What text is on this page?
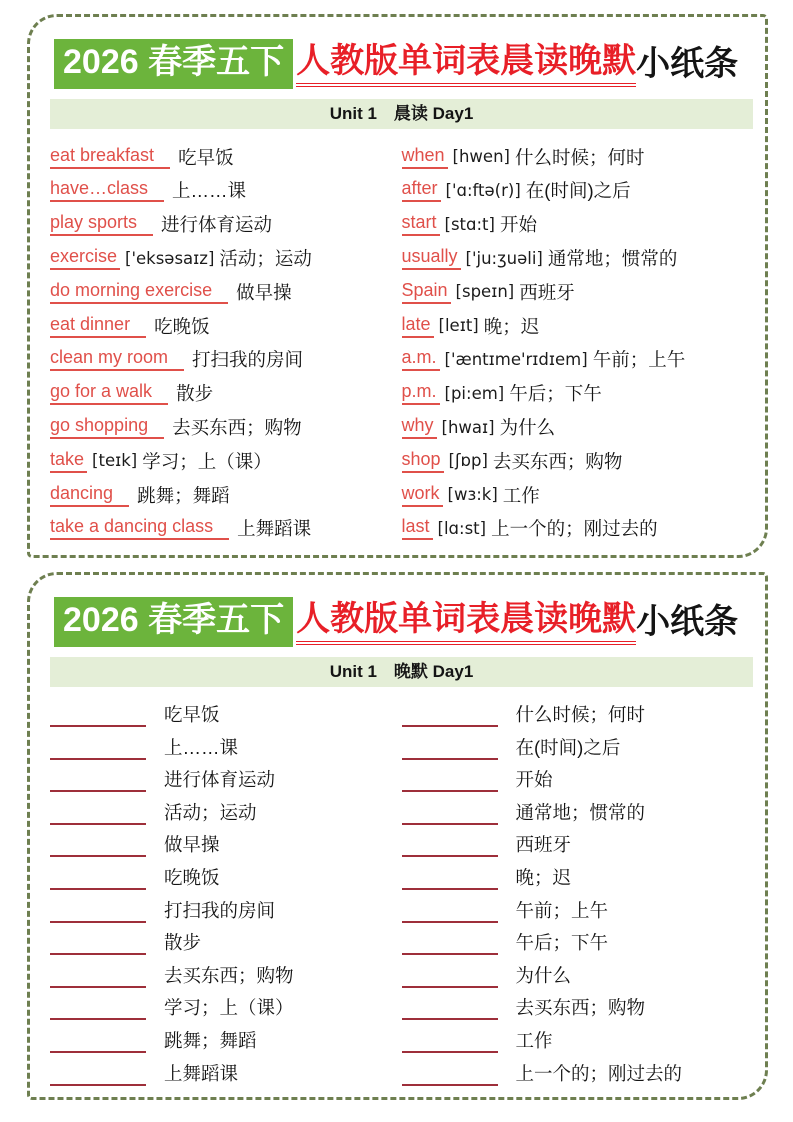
2026 春季五下 人教版单词表晨读晚默 小纸条
Unit 1　晨读 Day1
eat breakfast	吃早饭
have…class	上……课
play sports	进行体育运动
exercise ['eksəsaɪz] 活动；运动
do morning exercise	做早操
eat dinner	吃晚饭
clean my room	打扫我的房间
go for a walk	散步
go shopping	去买东西；购物
take [teɪk] 学习；上（课）
dancing	跳舞；舞蹈
take a dancing class	上舞蹈课
when [hwen] 什么时候；何时
after ['ɑ:ftə(r)] 在(时间)之后
start [stɑ:t] 开始
usually ['ju:ʒuəli] 通常地；惯常的
Spain [speɪn] 西班牙
late [leɪt] 晚；迟
a.m. ['æntɪme'rɪdɪem] 午前；上午
p.m. [pi:em] 午后；下午
why [hwaɪ] 为什么
shop [ʃɒp] 去买东西；购物
work [wɜ:k] 工作
last [lɑ:st] 上一个的；刚过去的
2026 春季五下 人教版单词表晨读晚默 小纸条
Unit 1　晚默 Day1
吃早饭
上……课
进行体育运动
活动；运动
做早操
吃晚饭
打扫我的房间
散步
去买东西；购物
学习；上（课）
跳舞；舞蹈
上舞蹈课
什么时候；何时
在(时间)之后
开始
通常地；惯常的
西班牙
晚；迟
午前；上午
午后；下午
为什么
去买东西；购物
工作
上一个的；刚过去的
